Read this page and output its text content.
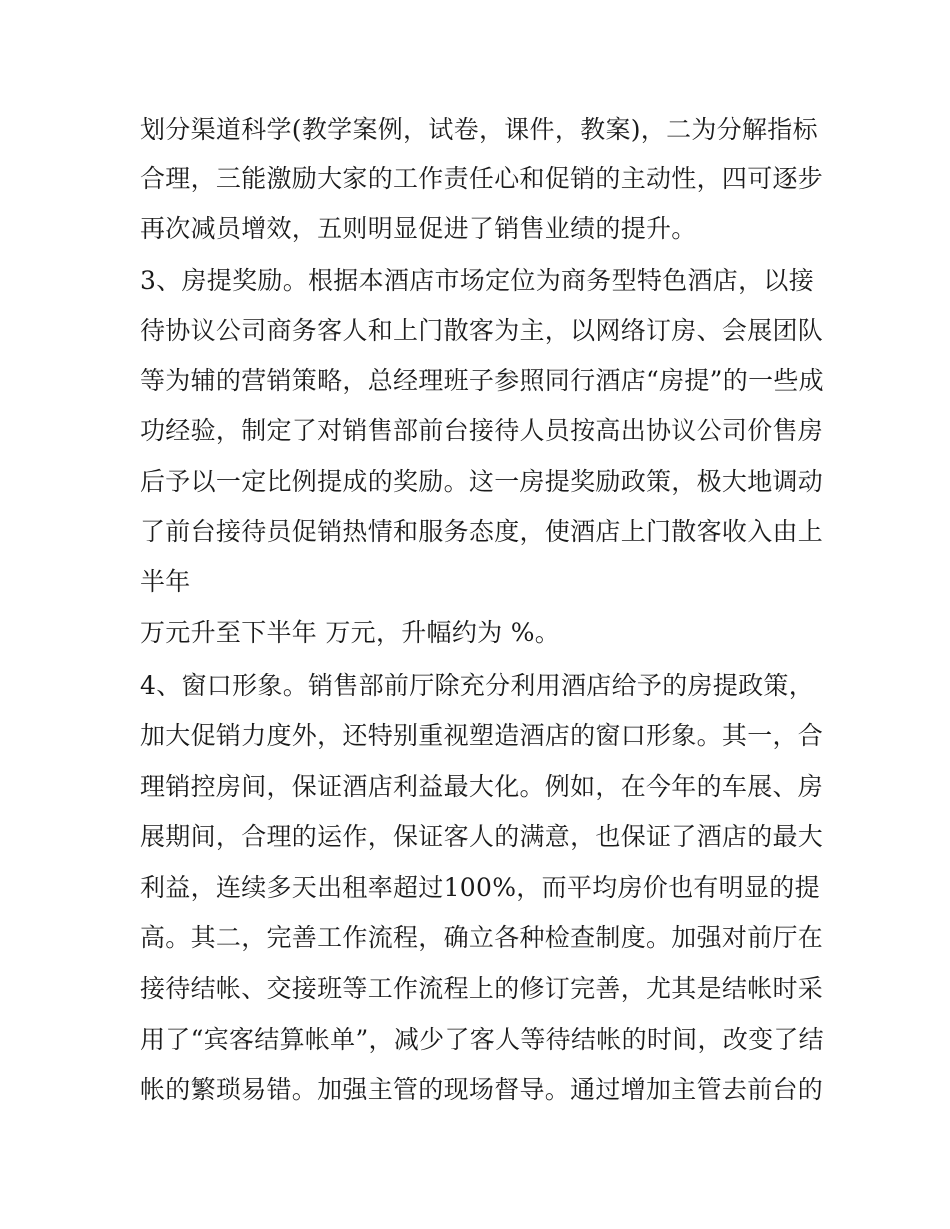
划分渠道科学(教学案例，试卷，课件，教案)，二为分解指标
合理，三能激励大家的工作责任心和促销的主动性，四可逐步
再次减员增效，五则明显促进了销售业绩的提升。
3、房提奖励。根据本酒店市场定位为商务型特色酒店，以接
待协议公司商务客人和上门散客为主，以网络订房、会展团队
等为辅的营销策略，总经理班子参照同行酒店“房提”的一些成
功经验，制定了对销售部前台接待人员按高出协议公司价售房
后予以一定比例提成的奖励。这一房提奖励政策，极大地调动
了前台接待员促销热情和服务态度，使酒店上门散客收入由上
半年
万元升至下半年 万元，升幅约为 %。
4、窗口形象。销售部前厅除充分利用酒店给予的房提政策，
加大促销力度外，还特别重视塑造酒店的窗口形象。其一，合
理销控房间，保证酒店利益最大化。例如，在今年的车展、房
展期间，合理的运作，保证客人的满意，也保证了酒店的最大
利益，连续多天出租率超过100%，而平均房价也有明显的提
高。其二，完善工作流程，确立各种检查制度。加强对前厅在
接待结帐、交接班等工作流程上的修订完善，尤其是结帐时采
用了“宾客结算帐单”，减少了客人等待结帐的时间，改变了结
帐的繁琐易错。加强主管的现场督导。通过增加主管去前台的
